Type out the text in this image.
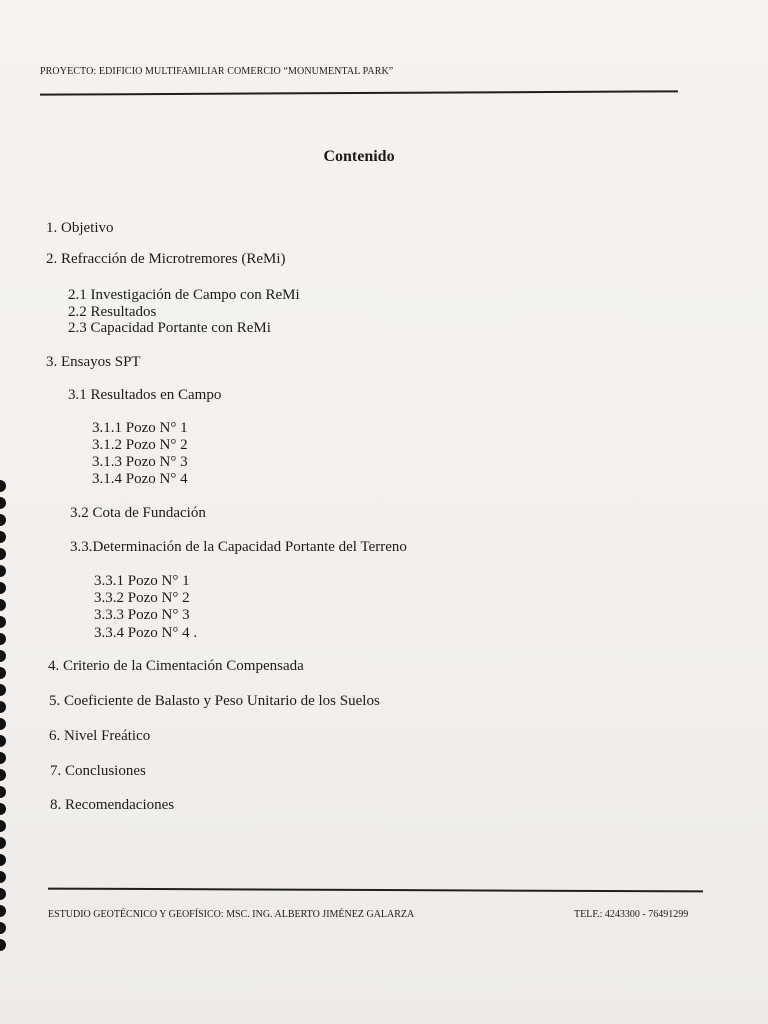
PROYECTO: EDIFICIO MULTIFAMILIAR COMERCIO “MONUMENTAL PARK”
Contenido
1. Objetivo
2. Refracción de Microtremores (ReMi)
2.1 Investigación de Campo con ReMi
2.2 Resultados
2.3 Capacidad Portante con ReMi
3. Ensayos SPT
3.1 Resultados en Campo
3.1.1 Pozo N° 1
3.1.2 Pozo N° 2
3.1.3 Pozo N° 3
3.1.4 Pozo N° 4
3.2 Cota de Fundación
3.3.Determinación de la Capacidad Portante del Terreno
3.3.1 Pozo N° 1
3.3.2 Pozo N° 2
3.3.3 Pozo N° 3
3.3.4 Pozo N° 4 .
4. Criterio de la Cimentación Compensada
5. Coeficiente de Balasto y Peso Unitario de los Suelos
6. Nivel Freático
7. Conclusiones
8. Recomendaciones
ESTUDIO GEOTÉCNICO Y GEOFÍSICO: MSC. ING. ALBERTO JIMÉNEZ GALARZA	TELF.: 4243300 - 76491299
